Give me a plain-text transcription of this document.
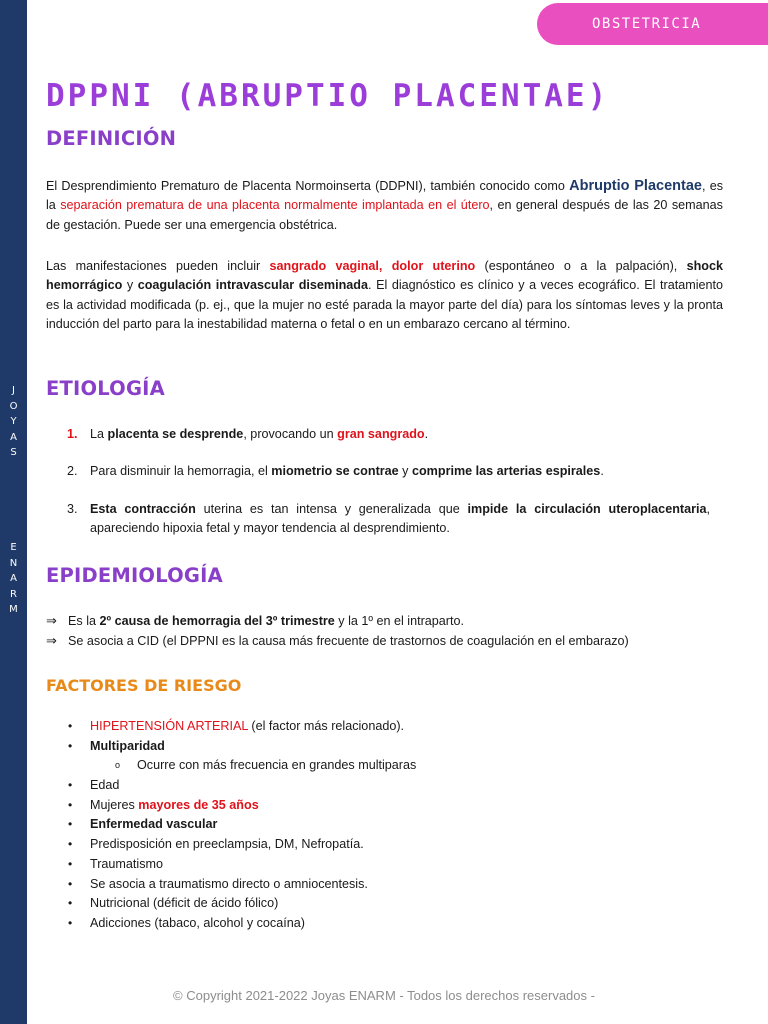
J
O
Y
A
S
E
N
A
R
M
OBSTETRICIA
DPPNI (ABRUPTIO PLACENTAE)
DEFINICIÓN

El Desprendimiento Prematuro de Placenta Normoinserta (DDPNI), también conocido como Abruptio Placentae, es la separación prematura de una placenta normalmente implantada en el útero, en general después de las 20 semanas de gestación. Puede ser una emergencia obstétrica.

Las manifestaciones pueden incluir sangrado vaginal, dolor uterino (espontáneo o a la palpación), shock hemorrágico y coagulación intravascular diseminada. El diagnóstico es clínico y a veces ecográfico. El tratamiento es la actividad modificada (p. ej., que la mujer no esté parada la mayor parte del día) para los síntomas leves y la pronta inducción del parto para la inestabilidad materna o fetal o en un embarazo cercano al término.

ETIOLOGÍA
1. La placenta se desprende, provocando un gran sangrado.
2. Para disminuir la hemorragia, el miometrio se contrae y comprime las arterias espirales.
3. Esta contracción uterina es tan intensa y generalizada que impide la circulación uteroplacentaria, apareciendo hipoxia fetal y mayor tendencia al desprendimiento.
EPIDEMIOLOGÍA
⇒ Es la 2º causa de hemorragia del 3º trimestre y la 1º en el intraparto.
⇒ Se asocia a CID (el DPPNI es la causa más frecuente de trastornos de coagulación en el embarazo)
FACTORES DE RIESGO
• HIPERTENSIÓN ARTERIAL (el factor más relacionado).
• Multiparidad
o Ocurre con más frecuencia en grandes multiparas
• Edad
• Mujeres mayores de 35 años
• Enfermedad vascular
• Predisposición en preeclampsia, DM, Nefropatía.
• Traumatismo
• Se asocia a traumatismo directo o amniocentesis.
• Nutricional (déficit de ácido fólico)
• Adicciones (tabaco, alcohol y cocaína)
© Copyright 2021-2022 Joyas ENARM - Todos los derechos reservados -
